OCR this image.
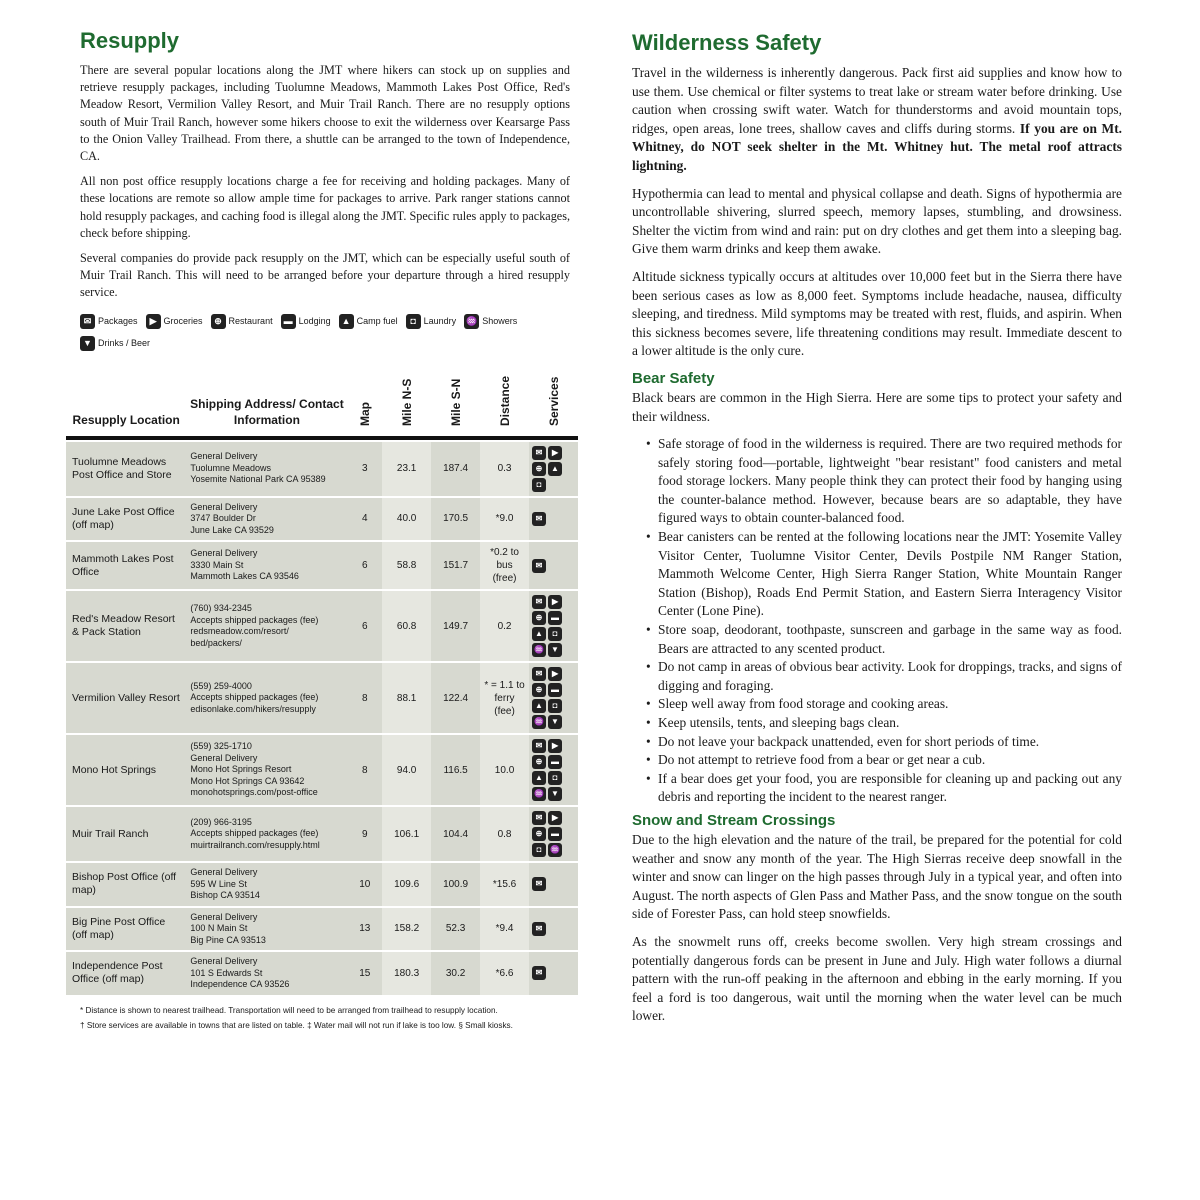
Resupply

There are several popular locations along the JMT where hikers can stock up on supplies and retrieve resupply packages, including Tuolumne Meadows, Mammoth Lakes Post Office, Red's Meadow Resort, Vermilion Valley Resort, and Muir Trail Ranch. There are no resupply options south of Muir Trail Ranch, however some hikers choose to exit the wilderness over Kearsarge Pass to the Onion Valley Trailhead. From there, a shuttle can be arranged to the town of Independence, CA.

All non post office resupply locations charge a fee for receiving and holding packages. Many of these locations are remote so allow ample time for packages to arrive. Park ranger stations cannot hold resupply packages, and caching food is illegal along the JMT. Specific rules apply to packages, check before shipping.

Several companies do provide pack resupply on the JMT, which can be especially useful south of Muir Trail Ranch. This will need to be arranged before your departure through a hired resupply service.

✉ Packages ▶ Groceries ⊕ Restaurant ▬ Lodging ▲ Camp fuel ◘ Laundry ♒ Showers▼ Drinks / Beer
Resupply Location	Shipping Address/ Contact Information	Map	Mile N-S	Mile S-N	Distance	Services

Tuolumne Meadows Post Office and Store	General Delivery
Tuolumne Meadows
Yosemite National Park CA 95389	3	23.1	187.4	0.3	✉ ▶⊕ ▲◘
June Lake Post Office (off map)	General Delivery
3747 Boulder Dr
June Lake CA 93529	4	40.0	170.5	*9.0	✉
Mammoth Lakes Post Office	General Delivery
3330 Main St
Mammoth Lakes CA 93546	6	58.8	151.7	*0.2 to bus (free)	✉
Red's Meadow Resort & Pack Station	(760) 934-2345
Accepts shipped packages (fee)
redsmeadow.com/resort/
bed/packers/	6	60.8	149.7	0.2	✉ ▶⊕ ▬▲ ◘♒ ▼
Vermilion Valley Resort	(559) 259-4000
Accepts shipped packages (fee)
edisonlake.com/hikers/resupply	8	88.1	122.4	* = 1.1 to ferry (fee)	✉ ▶⊕ ▬▲ ◘♒ ▼
Mono Hot Springs	(559) 325-1710
General Delivery
Mono Hot Springs Resort
Mono Hot Springs CA 93642
monohotsprings.com/post-office	8	94.0	116.5	10.0	✉ ▶⊕ ▬▲ ◘♒ ▼
Muir Trail Ranch	(209) 966-3195
Accepts shipped packages (fee)
muirtrailranch.com/resupply.html	9	106.1	104.4	0.8	✉ ▶⊕ ▬◘ ♒
Bishop Post Office (off map)	General Delivery
595 W Line St
Bishop CA 93514	10	109.6	100.9	*15.6	✉
Big Pine Post Office (off map)	General Delivery
100 N Main St
Big Pine CA 93513	13	158.2	52.3	*9.4	✉
Independence Post Office (off map)	General Delivery
101 S Edwards St
Independence CA 93526	15	180.3	30.2	*6.6	✉
* Distance is shown to nearest trailhead. Transportation will need to be arranged from trailhead to resupply location.
† Store services are available in towns that are listed on table. ‡ Water mail will not run if lake is too low. § Small kiosks.
Wilderness Safety

Travel in the wilderness is inherently dangerous. Pack first aid supplies and know how to use them. Use chemical or filter systems to treat lake or stream water before drinking. Use caution when crossing swift water. Watch for thunderstorms and avoid mountain tops, ridges, open areas, lone trees, shallow caves and cliffs during storms. If you are on Mt. Whitney, do NOT seek shelter in the Mt. Whitney hut. The metal roof attracts lightning.

Hypothermia can lead to mental and physical collapse and death. Signs of hypothermia are uncontrollable shivering, slurred speech, memory lapses, stumbling, and drowsiness. Shelter the victim from wind and rain: put on dry clothes and get them into a sleeping bag. Give them warm drinks and keep them awake.

Altitude sickness typically occurs at altitudes over 10,000 feet but in the Sierra there have been serious cases as low as 8,000 feet. Symptoms include headache, nausea, difficulty sleeping, and tiredness. Mild symptoms may be treated with rest, fluids, and aspirin. When this sickness becomes severe, life threatening conditions may result. Immediate descent to a lower altitude is the only cure.

Bear Safety

Black bears are common in the High Sierra. Here are some tips to protect your safety and their wildness.

• Safe storage of food in the wilderness is required. There are two required methods for safely storing food—portable, lightweight "bear resistant" food canisters and metal food storage lockers. Many people think they can protect their food by hanging using the counter-balance method. However, because bears are so adaptable, they have figured ways to obtain counter-balanced food.
• Bear canisters can be rented at the following locations near the JMT: Yosemite Valley Visitor Center, Tuolumne Visitor Center, Devils Postpile NM Ranger Station, Mammoth Welcome Center, High Sierra Ranger Station, White Mountain Ranger Station (Bishop), Roads End Permit Station, and Eastern Sierra Interagency Visitor Center (Lone Pine).
• Store soap, deodorant, toothpaste, sunscreen and garbage in the same way as food. Bears are attracted to any scented product.
• Do not camp in areas of obvious bear activity. Look for droppings, tracks, and signs of digging and foraging.
• Sleep well away from food storage and cooking areas.
• Keep utensils, tents, and sleeping bags clean.
• Do not leave your backpack unattended, even for short periods of time.
• Do not attempt to retrieve food from a bear or get near a cub.
• If a bear does get your food, you are responsible for cleaning up and packing out any debris and reporting the incident to the nearest ranger.
Snow and Stream Crossings

Due to the high elevation and the nature of the trail, be prepared for the potential for cold weather and snow any month of the year. The High Sierras receive deep snowfall in the winter and snow can linger on the high passes through July in a typical year, and often into August. The north aspects of Glen Pass and Mather Pass, and the snow tongue on the south side of Forester Pass, can hold steep snowfields.

As the snowmelt runs off, creeks become swollen. Very high stream crossings and potentially dangerous fords can be present in June and July. High water follows a diurnal pattern with the run-off peaking in the afternoon and ebbing in the early morning. If you feel a ford is too dangerous, wait until the morning when the water level can be much lower.
